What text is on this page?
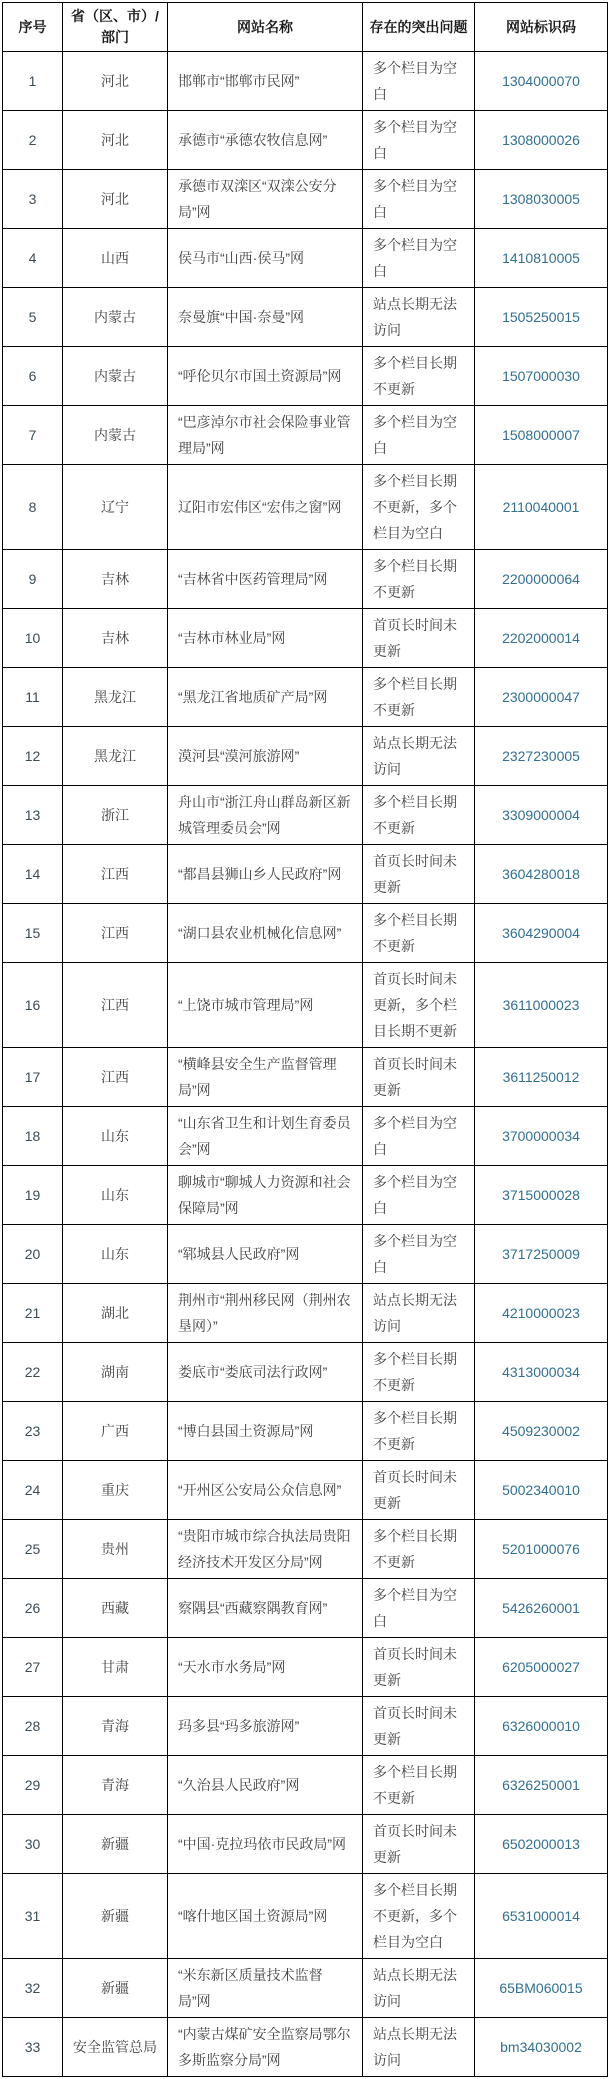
序号	省（区、市）/部门	网站名称	存在的突出问题	网站标识码
1	河北	邯郸市“邯郸市民网”	多个栏目为空白	1304000070
2	河北	承德市“承德农牧信息网”	多个栏目为空白	1308000026
3	河北	承德市双滦区“双滦公安分局”网	多个栏目为空白	1308030005
4	山西	侯马市“山西·侯马”网	多个栏目为空白	1410810005
5	内蒙古	奈曼旗“中国·奈曼”网	站点长期无法访问	1505250015
6	内蒙古	“呼伦贝尔市国土资源局”网	多个栏目长期不更新	1507000030
7	内蒙古	“巴彦淖尔市社会保险事业管理局”网	多个栏目为空白	1508000007
8	辽宁	辽阳市宏伟区“宏伟之窗”网	多个栏目长期不更新，多个栏目为空白	2110040001
9	吉林	“吉林省中医药管理局”网	多个栏目长期不更新	2200000064
10	吉林	“吉林市林业局”网	首页长时间未更新	2202000014
11	黑龙江	“黑龙江省地质矿产局”网	多个栏目长期不更新	2300000047
12	黑龙江	漠河县“漠河旅游网”	站点长期无法访问	2327230005
13	浙江	舟山市“浙江舟山群岛新区新城管理委员会”网	多个栏目长期不更新	3309000004
14	江西	“都昌县狮山乡人民政府”网	首页长时间未更新	3604280018
15	江西	“湖口县农业机械化信息网”	多个栏目长期不更新	3604290004
16	江西	“上饶市城市管理局”网	首页长时间未更新，多个栏目长期不更新	3611000023
17	江西	“横峰县安全生产监督管理局”网	首页长时间未更新	3611250012
18	山东	“山东省卫生和计划生育委员会”网	多个栏目为空白	3700000034
19	山东	聊城市“聊城人力资源和社会保障局”网	多个栏目为空白	3715000028
20	山东	“郓城县人民政府”网	多个栏目为空白	3717250009
21	湖北	荆州市“荆州移民网（荆州农垦网）”	站点长期无法访问	4210000023
22	湖南	娄底市“娄底司法行政网”	多个栏目长期不更新	4313000034
23	广西	“博白县国土资源局”网	多个栏目长期不更新	4509230002
24	重庆	“开州区公安局公众信息网”	首页长时间未更新	5002340010
25	贵州	“贵阳市城市综合执法局贵阳经济技术开发区分局”网	多个栏目长期不更新	5201000076
26	西藏	察隅县“西藏察隅教育网”	多个栏目为空白	5426260001
27	甘肃	“天水市水务局”网	首页长时间未更新	6205000027
28	青海	玛多县“玛多旅游网”	首页长时间未更新	6326000010
29	青海	“久治县人民政府”网	多个栏目长期不更新	6326250001
30	新疆	“中国·克拉玛依市民政局”网	首页长时间未更新	6502000013
31	新疆	“喀什地区国土资源局”网	多个栏目长期不更新，多个栏目为空白	6531000014
32	新疆	“米东新区质量技术监督局”网	站点长期无法访问	65BM060015
33	安全监管总局	“内蒙古煤矿安全监察局鄂尔多斯监察分局”网	站点长期无法访问	bm34030002
